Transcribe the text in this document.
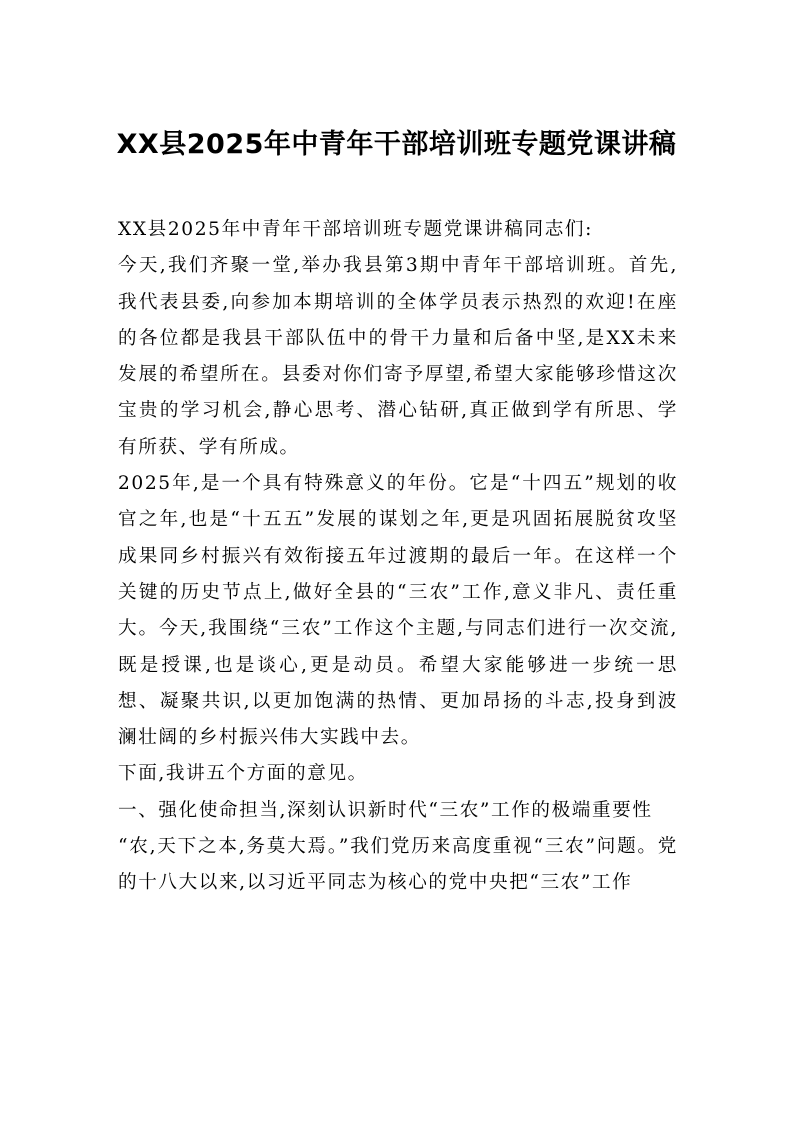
XX县2025年中青年干部培训班专题党课讲稿

XX县2025年中青年干部培训班专题党课讲稿同志们:

今天,我们齐聚一堂,举办我县第3期中青年干部培训班。首先,我代表县委,向参加本期培训的全体学员表示热烈的欢迎!在座的各位都是我县干部队伍中的骨干力量和后备中坚,是XX未来发展的希望所在。县委对你们寄予厚望,希望大家能够珍惜这次宝贵的学习机会,静心思考、潜心钻研,真正做到学有所思、学有所获、学有所成。

2025年,是一个具有特殊意义的年份。它是“十四五”规划的收官之年,也是“十五五”发展的谋划之年,更是巩固拓展脱贫攻坚成果同乡村振兴有效衔接五年过渡期的最后一年。在这样一个关键的历史节点上,做好全县的“三农”工作,意义非凡、责任重大。今天,我围绕“三农”工作这个主题,与同志们进行一次交流,既是授课,也是谈心,更是动员。希望大家能够进一步统一思想、凝聚共识,以更加饱满的热情、更加昂扬的斗志,投身到波澜壮阔的乡村振兴伟大实践中去。

下面,我讲五个方面的意见。

一、强化使命担当,深刻认识新时代“三农”工作的极端重要性

“农,天下之本,务莫大焉。”我们党历来高度重视“三农”问题。党的十八大以来,以习近平同志为核心的党中央把“三农”工作
